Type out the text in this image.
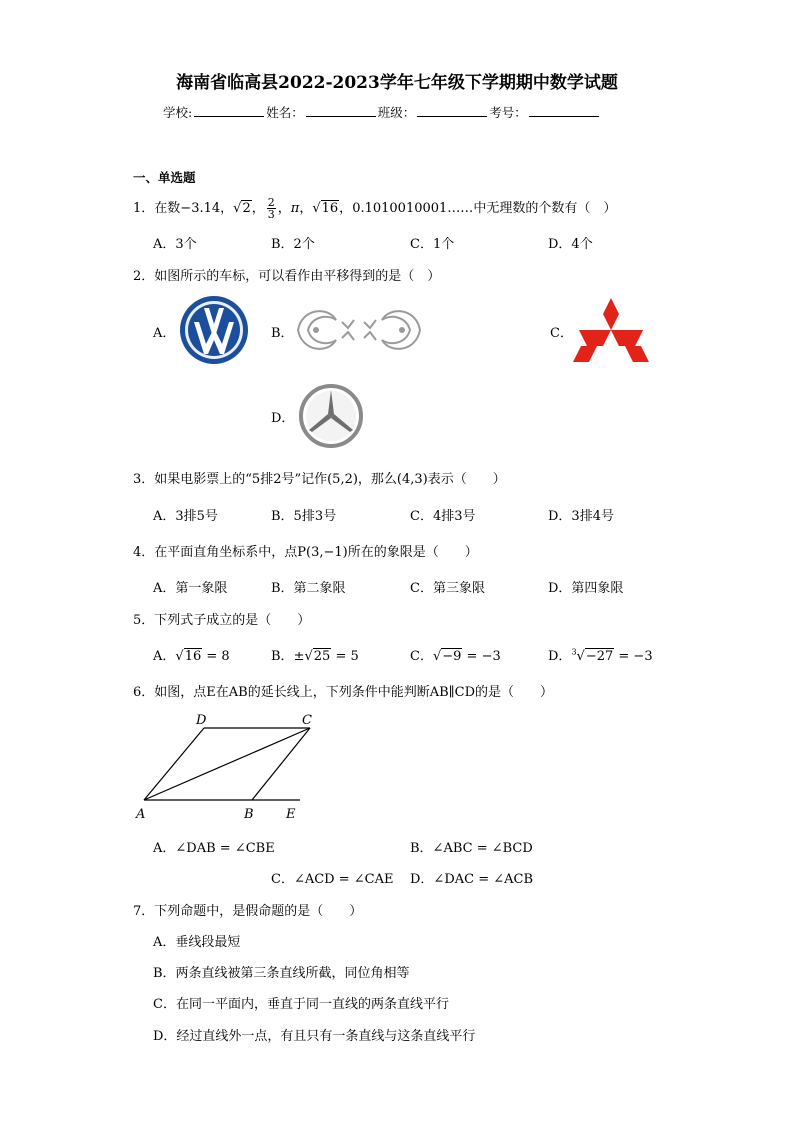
海南省临高县2022-2023学年七年级下学期期中数学试题
学校:	姓名：	班级：	考号：
一、单选题
1．在数−3.14，√2， $\frac{2}{3}$ ，π，√16，0.1010010001……中无理数的个数有（　）
A．3个	B．2个	C．1个	D．4个
2．如图所示的车标，可以看作由平移得到的是（　）
A．	B．	C．
D．
3．如果电影票上的“5排2号”记作(5,2)，那么(4,3)表示（　　）
A．3排5号	B．5排3号	C．4排3号	D．3排4号
4．在平面直角坐标系中，点P(3,−1)所在的象限是（　　）
A．第一象限	B．第二象限	C．第三象限	D．第四象限
5．下列式子成立的是（　　）
A．√16 = 8	B．±√25 = 5	C．√−9 = −3	D．$^3$√−27 = −3
6．如图，点E在AB的延长线上，下列条件中能判断AB∥CD的是（　　）
D	C
A	B E
A．∠DAB = ∠CBE	B．∠ABC = ∠BCD
C．∠ACD = ∠CAE D．∠DAC = ∠ACB
7．下列命题中，是假命题的是（　　）
A．垂线段最短
B．两条直线被第三条直线所截，同位角相等
C．在同一平面内，垂直于同一直线的两条直线平行
D．经过直线外一点，有且只有一条直线与这条直线平行
